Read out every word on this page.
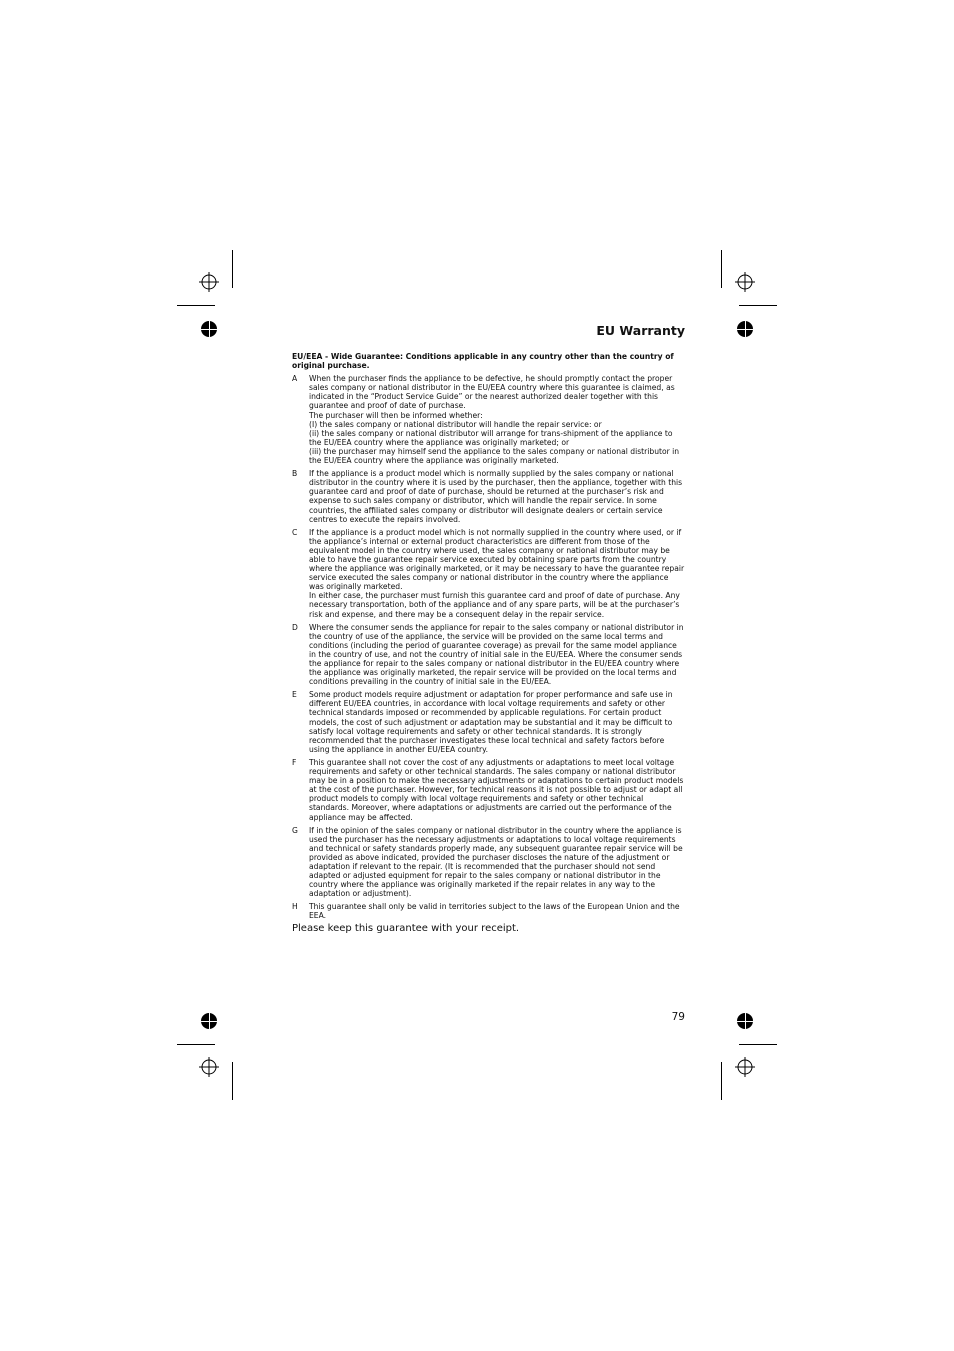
EU Warranty
EU/EEA - Wide Guarantee: Conditions applicable in any country other than the country of original purchase.
A	When the purchaser finds the appliance to be defective, he should promptly contact the proper sales company or national distributor in the EU/EEA country where this guarantee is claimed, as indicated in the “Product Service Guide” or the nearest authorized dealer together with this guarantee and proof of date of purchase.

The purchaser will then be informed whether:

(I) the sales company or national distributor will handle the repair service: or

(ii) the sales company or national distributor will arrange for trans-shipment of the appliance to the EU/EEA country where the appliance was originally marketed; or

(iii) the purchaser may himself send the appliance to the sales company or national distributor in the EU/EEA country where the appliance was originally marketed.

B	If the appliance is a product model which is normally supplied by the sales company or national distributor in the country where it is used by the purchaser, then the appliance, together with this guarantee card and proof of date of purchase, should be returned at the purchaser’s risk and expense to such sales company or distributor, which will handle the repair service. In some countries, the affiliated sales company or distributor will designate dealers or certain service centres to execute the repairs involved.

C	If the appliance is a product model which is not normally supplied in the country where used, or if the appliance’s internal or external product characteristics are different from those of the equivalent model in the country where used, the sales company or national distributor may be able to have the guarantee repair service executed by obtaining spare parts from the country where the appliance was originally marketed, or it may be necessary to have the guarantee repair service executed the sales company or national distributor in the country where the appliance was originally marketed.

In either case, the purchaser must furnish this guarantee card and proof of date of purchase. Any necessary transportation, both of the appliance and of any spare parts, will be at the purchaser’s risk and expense, and there may be a consequent delay in the repair service.

D	Where the consumer sends the appliance for repair to the sales company or national distributor in the country of use of the appliance, the service will be provided on the same local terms and conditions (including the period of guarantee coverage) as prevail for the same model appliance in the country of use, and not the country of initial sale in the EU/EEA. Where the consumer sends the appliance for repair to the sales company or national distributor in the EU/EEA country where the appliance was originally marketed, the repair service will be provided on the local terms and conditions prevailing in the country of initial sale in the EU/EEA.

E	Some product models require adjustment or adaptation for proper performance and safe use in different EU/EEA countries, in accordance with local voltage requirements and safety or other technical standards imposed or recommended by applicable regulations. For certain product models, the cost of such adjustment or adaptation may be substantial and it may be difficult to satisfy local voltage requirements and safety or other technical standards. It is strongly recommended that the purchaser investigates these local technical and safety factors before using the appliance in another EU/EEA country.

F	This guarantee shall not cover the cost of any adjustments or adaptations to meet local voltage requirements and safety or other technical standards. The sales company or national distributor may be in a position to make the necessary adjustments or adaptations to certain product models at the cost of the purchaser. However, for technical reasons it is not possible to adjust or adapt all product models to comply with local voltage requirements and safety or other technical standards. Moreover, where adaptations or adjustments are carried out the performance of the appliance may be affected.

G	If in the opinion of the sales company or national distributor in the country where the appliance is used the purchaser has the necessary adjustments or adaptations to local voltage requirements and technical or safety standards properly made, any subsequent guarantee repair service will be provided as above indicated, provided the purchaser discloses the nature of the adjustment or adaptation if relevant to the repair. (It is recommended that the purchaser should not send adapted or adjusted equipment for repair to the sales company or national distributor in the country where the appliance was originally marketed if the repair relates in any way to the adaptation or adjustment).

H	This guarantee shall only be valid in territories subject to the laws of the European Union and the EEA.

Please keep this guarantee with your receipt.
79
